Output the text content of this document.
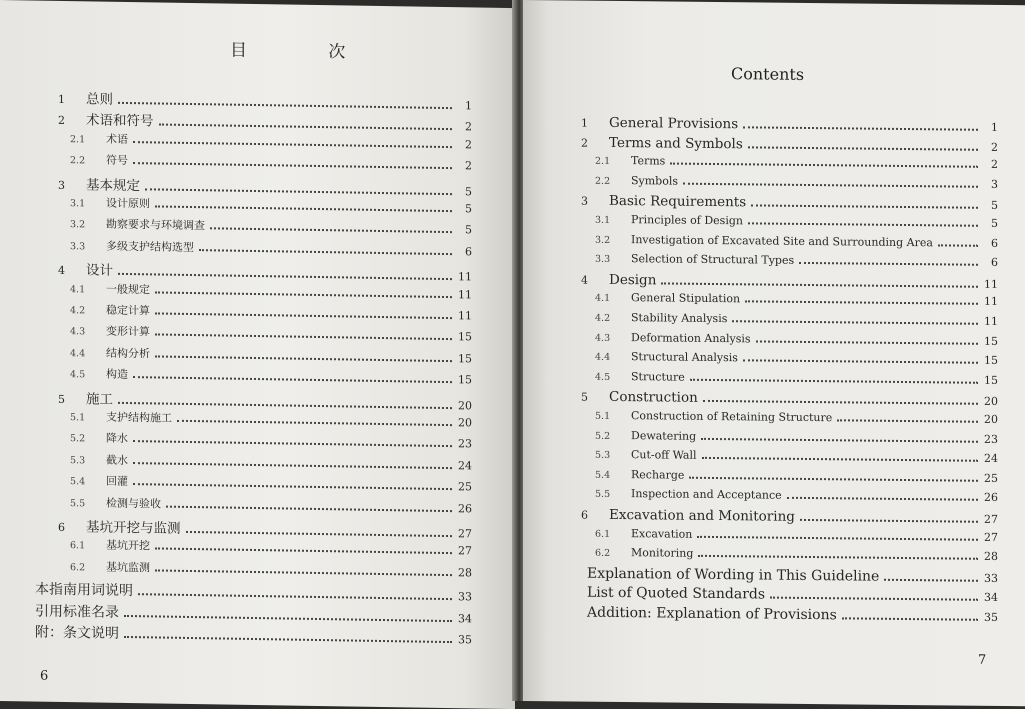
目 次
1	总则	1
2	术语和符号	2
2.1	术语	2
2.2	符号	2
3	基本规定	5
3.1	设计原则	5
3.2	勘察要求与环境调查	5
3.3	多级支护结构选型	6
4	设计	11
4.1	一般规定	11
4.2	稳定计算	11
4.3	变形计算	15
4.4	结构分析	15
4.5	构造	15
5	施工	20
5.1	支护结构施工	20
5.2	降水	23
5.3	截水	24
5.4	回灌	25
5.5	检测与验收	26
6	基坑开挖与监测	27
6.1	基坑开挖	27
6.2	基坑监测	28
本指南用词说明	33
引用标准名录	34
附：条文说明	35
6
Contents
1	General Provisions	1
2	Terms and Symbols	2
2.1	Terms	2
2.2	Symbols	3
3	Basic Requirements	5
3.1	Principles of Design	5
3.2	Investigation of Excavated Site and Surrounding Area	6
3.3	Selection of Structural Types	6
4	Design	11
4.1	General Stipulation	11
4.2	Stability Analysis	11
4.3	Deformation Analysis	15
4.4	Structural Analysis	15
4.5	Structure	15
5	Construction	20
5.1	Construction of Retaining Structure	20
5.2	Dewatering	23
5.3	Cut-off Wall	24
5.4	Recharge	25
5.5	Inspection and Acceptance	26
6	Excavation and Monitoring	27
6.1	Excavation	27
6.2	Monitoring	28
Explanation of Wording in This Guideline	33
List of Quoted Standards	34
Addition: Explanation of Provisions	35
7
